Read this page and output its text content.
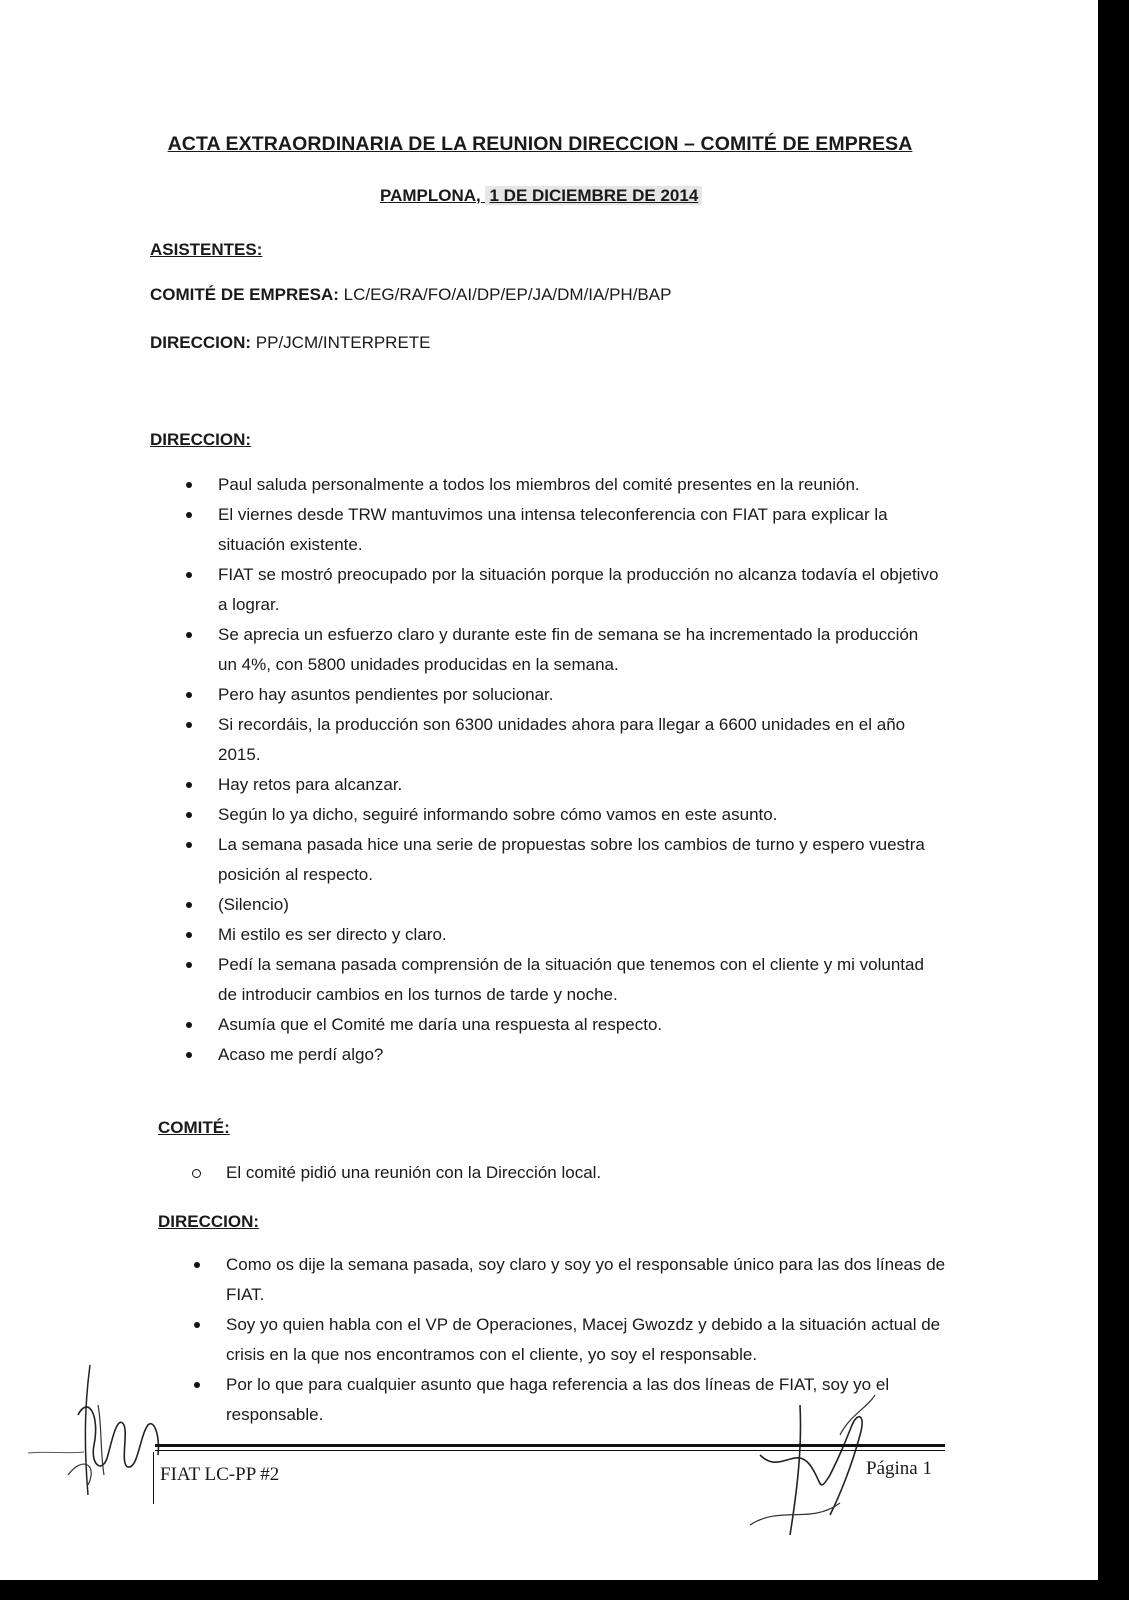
ACTA EXTRAORDINARIA DE LA REUNION DIRECCION – COMITÉ DE EMPRESA
PAMPLONA, 1 DE DICIEMBRE DE 2014
ASISTENTES:
COMITÉ DE EMPRESA: LC/EG/RA/FO/AI/DP/EP/JA/DM/IA/PH/BAP
DIRECCION: PP/JCM/INTERPRETE
DIRECCION:
Paul saluda personalmente a todos los miembros del comité presentes en la reunión.
El viernes desde TRW mantuvimos una intensa teleconferencia con FIAT para explicar la situación existente.
FIAT se mostró preocupado por la situación porque la producción no alcanza todavía el objetivo a lograr.
Se aprecia un esfuerzo claro y durante este fin de semana se ha incrementado la producción un 4%, con 5800 unidades producidas en la semana.
Pero hay asuntos pendientes por solucionar.
Si recordáis, la producción son 6300 unidades ahora para llegar a 6600 unidades en el año 2015.
Hay retos para alcanzar.
Según lo ya dicho, seguiré informando sobre cómo vamos en este asunto.
La semana pasada hice una serie de propuestas sobre los cambios de turno y espero vuestra posición al respecto.
(Silencio)
Mi estilo es ser directo y claro.
Pedí la semana pasada comprensión de la situación que tenemos con el cliente y mi voluntad de introducir cambios en los turnos de tarde y noche.
Asumía que el Comité me daría una respuesta al respecto.
Acaso me perdí algo?
COMITÉ:
El comité pidió una reunión con la Dirección local.
DIRECCION:
Como os dije la semana pasada, soy claro y soy yo el responsable único para las dos líneas de FIAT.
Soy yo quien habla con el VP de Operaciones, Macej Gwozdz y debido a la situación actual de crisis en la que nos encontramos con el cliente, yo soy el responsable.
Por lo que para cualquier asunto que haga referencia a las dos líneas de FIAT, soy yo el responsable.
FIAT LC-PP #2	Página 1
